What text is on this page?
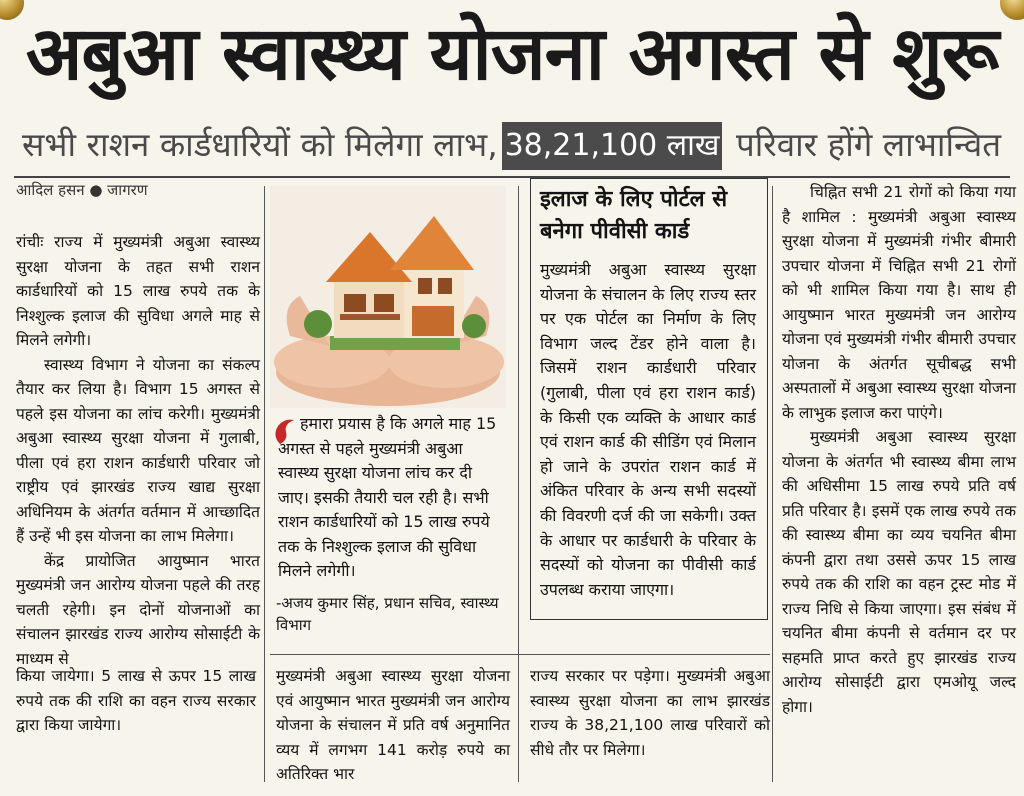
अबुआ स्वास्थ्य योजना अगस्त से शुरू
सभी राशन कार्डधारियों को मिलेगा लाभ, 38,21,100 लाख परिवार होंगे लाभान्वित
आदिल हसन ● जागरण

रांचीः राज्य में मुख्यमंत्री अबुआ स्वास्थ्य सुरक्षा योजना के तहत सभी राशन कार्डधारियों को 15 लाख रुपये तक के निश्शुल्क इलाज की सुविधा अगले माह से मिलने लगेगी।

स्वास्थ्य विभाग ने योजना का संकल्प तैयार कर लिया है। विभाग 15 अगस्त से पहले इस योजना का लांच करेगी। मुख्यमंत्री अबुआ स्वास्थ्य सुरक्षा योजना में गुलाबी, पीला एवं हरा राशन कार्डधारी परिवार जो राष्ट्रीय एवं झारखंड राज्य खाद्य सुरक्षा अधिनियम के अंतर्गत वर्तमान में आच्छादित हैं उन्हें भी इस योजना का लाभ मिलेगा।

केंद्र प्रायोजित आयुष्मान भारत मुख्यमंत्री जन आरोग्य योजना पहले की तरह चलती रहेगी। इन दोनों योजनाओं का संचालन झारखंड राज्य आरोग्य सोसाईटी के माध्यम से

किया जायेगा। 5 लाख से ऊपर 15 लाख रुपये तक की राशि का वहन राज्य सरकार द्वारा किया जायेगा।

हमारा प्रयास है कि अगले माह 15 अगस्त से पहले मुख्यमंत्री अबुआ स्वास्थ्य सुरक्षा योजना लांच कर दी जाए। इसकी तैयारी चल रही है। सभी राशन कार्डधारियों को 15 लाख रुपये तक के निश्शुल्क इलाज की सुविधा मिलने लगेगी।

-अजय कुमार सिंह, प्रधान सचिव, स्वास्थ्य विभाग

मुख्यमंत्री अबुआ स्वास्थ्य सुरक्षा योजना एवं आयुष्मान भारत मुख्यमंत्री जन आरोग्य योजना के संचालन में प्रति वर्ष अनुमानित व्यय में लगभग 141 करोड़ रुपये का अतिरिक्त भार

इलाज के लिए पोर्टल से बनेगा पीवीसी कार्ड

मुख्यमंत्री अबुआ स्वास्थ्य सुरक्षा योजना के संचालन के लिए राज्य स्तर पर एक पोर्टल का निर्माण के लिए विभाग जल्द टेंडर होने वाला है। जिसमें राशन कार्डधारी परिवार (गुलाबी, पीला एवं हरा राशन कार्ड) के किसी एक व्यक्ति के आधार कार्ड एवं राशन कार्ड की सीडिंग एवं मिलान हो जाने के उपरांत राशन कार्ड में अंकित परिवार के अन्य सभी सदस्यों की विवरणी दर्ज की जा सकेगी। उक्त के आधार पर कार्डधारी के परिवार के सदस्यों को योजना का पीवीसी कार्ड उपलब्ध कराया जाएगा।

राज्य सरकार पर पड़ेगा। मुख्यमंत्री अबुआ स्वास्थ्य सुरक्षा योजना का लाभ झारखंड राज्य के 38,21,100 लाख परिवारों को सीधे तौर पर मिलेगा।

चिह्नित सभी 21 रोगों को किया गया है शामिल : मुख्यमंत्री अबुआ स्वास्थ्य सुरक्षा योजना में मुख्यमंत्री गंभीर बीमारी उपचार योजना में चिह्नित सभी 21 रोगों को भी शामिल किया गया है। साथ ही आयुष्मान भारत मुख्यमंत्री जन आरोग्य योजना एवं मुख्यमंत्री गंभीर बीमारी उपचार योजना के अंतर्गत सूचीबद्ध सभी अस्पतालों में अबुआ स्वास्थ्य सुरक्षा योजना के लाभुक इलाज करा पाएंगे।

मुख्यमंत्री अबुआ स्वास्थ्य सुरक्षा योजना के अंतर्गत भी स्वास्थ्य बीमा लाभ की अधिसीमा 15 लाख रुपये प्रति वर्ष प्रति परिवार है। इसमें एक लाख रुपये तक की स्वास्थ्य बीमा का व्यय चयनित बीमा कंपनी द्वारा तथा उससे ऊपर 15 लाख रुपये तक की राशि का वहन ट्रस्ट मोड में राज्य निधि से किया जाएगा। इस संबंध में चयनित बीमा कंपनी से वर्तमान दर पर सहमति प्राप्त करते हुए झारखंड राज्य आरोग्य सोसाईटी द्वारा एमओयू जल्द होगा।
